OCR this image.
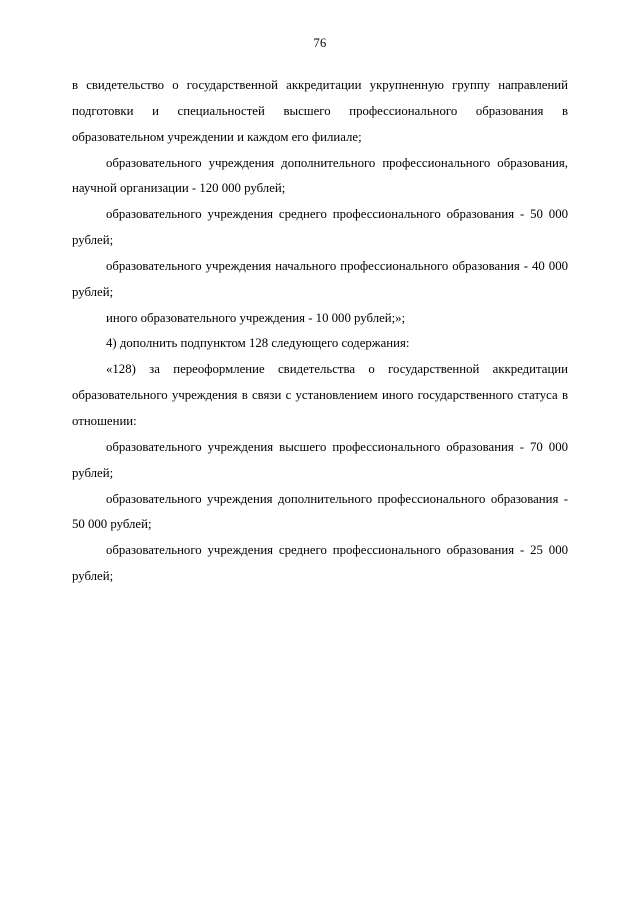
76

в свидетельство о государственной аккредитации укрупненную группу направлений подготовки и специальностей высшего профессионального образования в образовательном учреждении и каждом его филиале;

образовательного учреждения дополнительного профессионального образования, научной организации - 120 000 рублей;

образовательного учреждения среднего профессионального образования - 50 000 рублей;

образовательного учреждения начального профессионального образования - 40 000 рублей;

иного образовательного учреждения - 10 000 рублей;»;

4) дополнить подпунктом 128 следующего содержания:

«128) за переоформление свидетельства о государственной аккредитации образовательного учреждения в связи с установлением иного государственного статуса в отношении:

образовательного учреждения высшего профессионального образования - 70 000 рублей;

образовательного учреждения дополнительного профессионального образования - 50 000 рублей;

образовательного учреждения среднего профессионального образования - 25 000 рублей;
